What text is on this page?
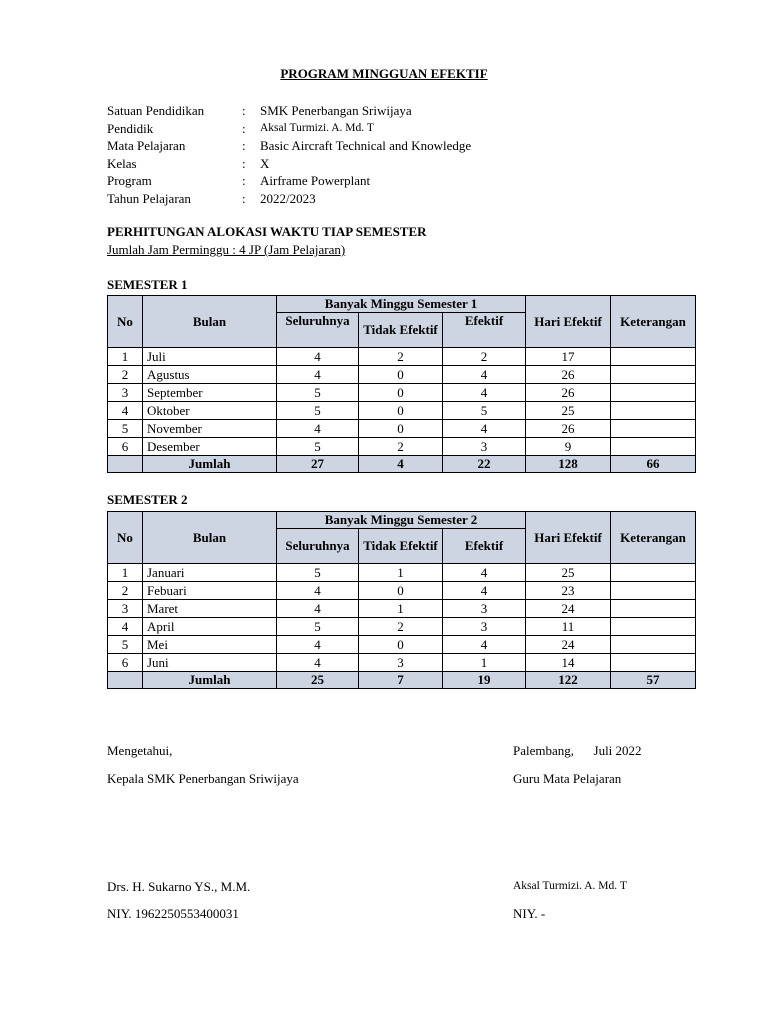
PROGRAM MINGGUAN EFEKTIF
Satuan Pendidikan	:	SMK Penerbangan Sriwijaya
Pendidik	:	Aksal Turmizi. A. Md. T
Mata Pelajaran	:	Basic Aircraft Technical and Knowledge
Kelas	:	X
Program	:	Airframe Powerplant
Tahun Pelajaran	:	2022/2023
PERHITUNGAN ALOKASI WAKTU TIAP SEMESTER
Jumlah Jam Perminggu : 4 JP (Jam Pelajaran)
SEMESTER 1
No	Bulan	Banyak Minggu Semester 1			Hari Efektif	Keterangan
		Seluruhnya	Tidak Efektif	Efektif		
1	Juli	4	2	2	17	
2	Agustus	4	0	4	26	
3	September	5	0	4	26	
4	Oktober	5	0	5	25	
5	November	4	0	4	26	
6	Desember	5	2	3	9	
	Jumlah	27	4	22	128	66
SEMESTER 2
No	Bulan	Banyak Minggu Semester 2			Hari Efektif	Keterangan
		Seluruhnya	Tidak Efektif	Efektif		
1	Januari	5	1	4	25	
2	Febuari	4	0	4	23	
3	Maret	4	1	3	24	
4	April	5	2	3	11	
5	Mei	4	0	4	24	
6	Juni	4	3	1	14	
	Jumlah	25	7	19	122	57
Mengetahui,
Kepala SMK Penerbangan Sriwijaya
Drs. H. Sukarno YS., M.M.
NIY. 1962250553400031
Palembang,      Juli 2022
Guru Mata Pelajaran
Aksal Turmizi. A. Md. T
NIY. -
